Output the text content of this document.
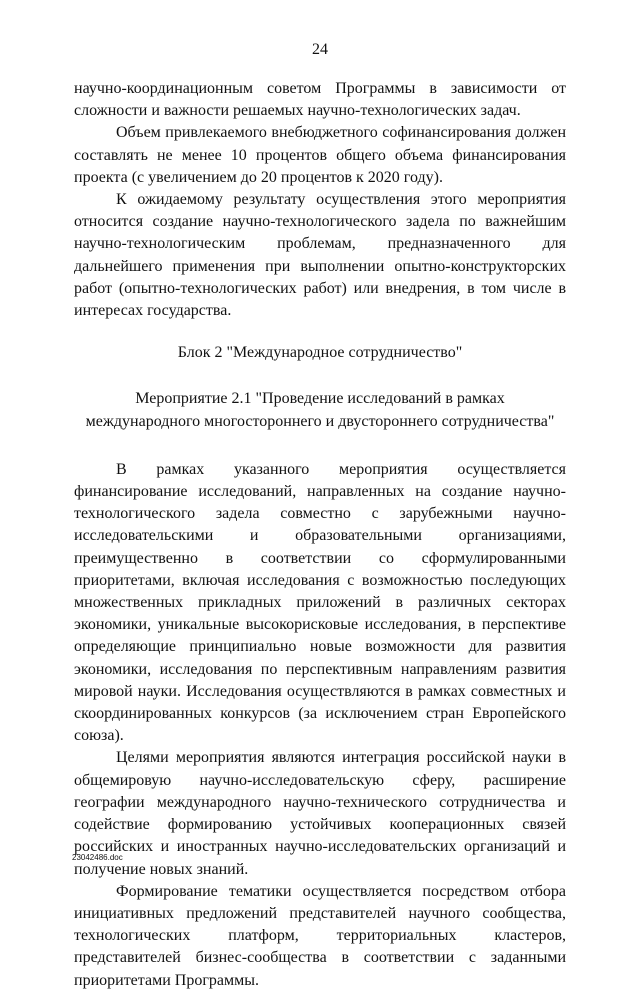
24

научно-координационным советом Программы в зависимости от сложности и важности решаемых научно-технологических задач.

Объем привлекаемого внебюджетного софинансирования должен составлять не менее 10 процентов общего объема финансирования проекта (с увеличением до 20 процентов к 2020 году).

К ожидаемому результату осуществления этого мероприятия относится создание научно-технологического задела по важнейшим научно-технологическим проблемам, предназначенного для дальнейшего применения при выполнении опытно-конструкторских работ (опытно-технологических работ) или внедрения, в том числе в интересах государства.

Блок 2 "Международное сотрудничество"

Мероприятие 2.1 "Проведение исследований в рамках
международного многостороннего и двустороннего сотрудничества"

В рамках указанного мероприятия осуществляется финансирование исследований, направленных на создание научно-технологического задела совместно с зарубежными научно-исследовательскими и образовательными организациями, преимущественно в соответствии со сформулированными приоритетами, включая исследования с возможностью последующих множественных прикладных приложений в различных секторах экономики, уникальные высокорисковые исследования, в перспективе определяющие принципиально новые возможности для развития экономики, исследования по перспективным направлениям развития мировой науки. Исследования осуществляются в рамках совместных и скоординированных конкурсов (за исключением стран Европейского союза).

Целями мероприятия являются интеграция российской науки в общемировую научно-исследовательскую сферу, расширение географии международного научно-технического сотрудничества и содействие формированию устойчивых кооперационных связей российских и иностранных научно-исследовательских организаций и получение новых знаний.

Формирование тематики осуществляется посредством отбора инициативных предложений представителей научного сообщества, технологических платформ, территориальных кластеров, представителей бизнес-сообщества в соответствии с заданными приоритетами Программы.

23042486.doc
